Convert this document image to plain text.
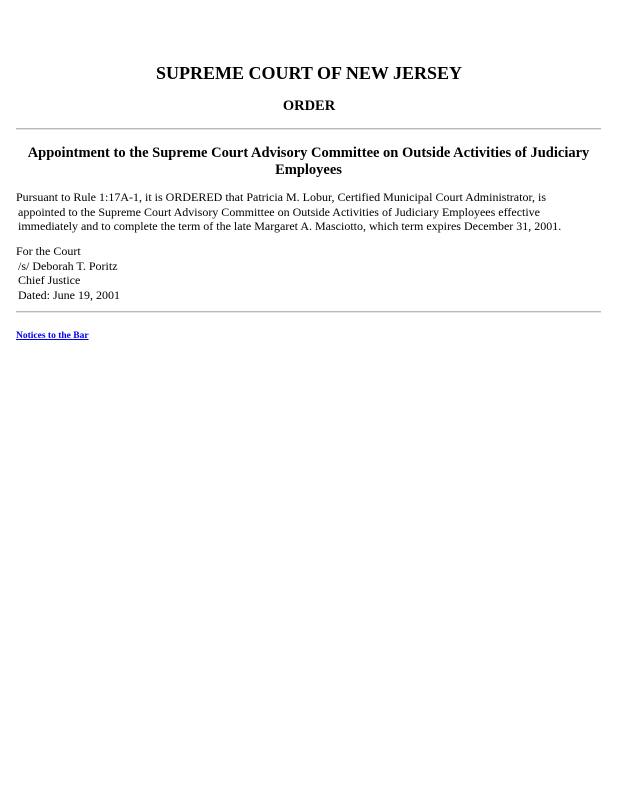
SUPREME COURT OF NEW JERSEY
ORDER
Appointment to the Supreme Court Advisory Committee on Outside Activities of Judiciary
Employees

Pursuant to Rule 1:17A-1, it is ORDERED that Patricia M. Lobur, Certified Municipal Court Administrator, is
appointed to the Supreme Court Advisory Committee on Outside Activities of Judiciary Employees effective
immediately and to complete the term of the late Margaret A. Masciotto, which term expires December 31, 2001.

For the Court
/s/ Deborah T. Poritz
Chief Justice
Dated: June 19, 2001

Notices to the Bar
